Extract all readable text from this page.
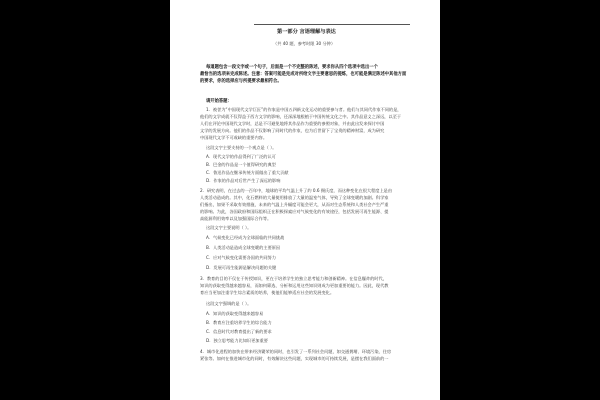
第一部分 言语理解与表达
（共 40 题，参考时限 30 分钟）
每道题包含一段文字或一个句子，后面是一个不完整的陈述，要求你从四个选项中选出一个
最恰当的选项来完成陈述。注意：答案可能是完成对所给文字主要意思的提炼，也可能是满足陈述中其他方面
的要求，你的选择应与所提要求最相符合。
请开始答题：
1．被誉为“中国现代文学巨匠”的作家是中国五四新文化运动的重要参与者。他们与其同代作家不同的是，
他们的文学成就不仅得益于西方文学的影响，还深深地根植于中国传统文化之中。其作品意义之深远，以至于
人们在评论中国现代文学时，总是不可避免地将其作品作为重要的参照对象，并由此出发来探讨中国
文学的发展方向。他们的作品不仅影响了同时代的作家，也为后世留下了宝贵的精神财富，成为研究
中国现代文学不可或缺的重要内容。
这段文字主要支持的一个观点是（ ）。
A．现代文学的作品得到了广泛的认可
B．巴金的作品是一个值得研究的典型
C．鲁迅作品在继承传统方面做出了重大贡献
D．作家的作品对后世产生了深远的影响
2．研究表明，在过去的一百年中，地球的平均气温上升了约 0.6 摄氏度，而这种变化在很大程度上是由
人类活动造成的。其中，化石燃料的大量使用排放了大量的温室气体，导致了全球变暖的加剧。科学家
们指出，如果不采取有效措施，未来的气温上升幅度可能会更大，从而对生态系统和人类社会产生严重
的影响。为此，各国政府和国际组织正在积极探索应对气候变化的有效途径，包括发展可再生能源、提
高能源利用效率以及加强国际合作等。
这段文字主要说明（ ）。
A．气候变化已经成为全球面临的共同挑战
B．人类活动是造成全球变暖的主要原因
C．应对气候变化需要各国的共同努力
D．发展可再生能源是解决问题的关键
3．教育的目的不仅在于传授知识，更在于培养学生的独立思考能力和创新精神。在信息爆炸的时代，
知识的获取变得越来越容易，而如何筛选、分析和运用这些知识则成为更加重要的能力。因此，现代教
育应当更加注重学生综合素质的培养，使他们能够适应社会的发展变化。
这段文字强调的是（ ）。
A．知识的获取变得越来越容易
B．教育应注重培养学生的综合能力
C．信息时代对教育提出了新的要求
D．独立思考能力比知识更加重要
4．城市化进程的加快在带来经济繁荣的同时，也引发了一系列社会问题，如交通拥堵、环境污染、住房
紧张等。如何在推进城市化的同时，有效解决这些问题，实现城市的可持续发展，是摆在我们面前的一
